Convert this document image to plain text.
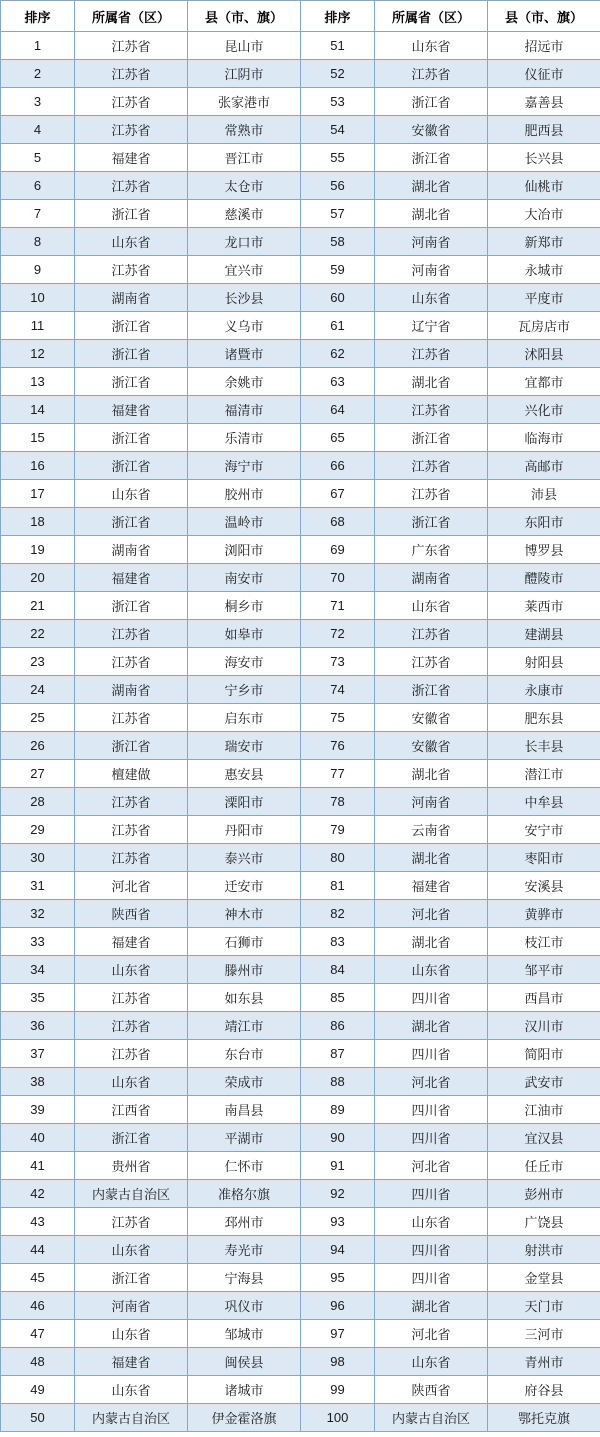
排序	所属省（区）	县（市、旗）	排序	所属省（区）	县（市、旗）
1	江苏省	昆山市	51	山东省	招远市
2	江苏省	江阴市	52	江苏省	仪征市
3	江苏省	张家港市	53	浙江省	嘉善县
4	江苏省	常熟市	54	安徽省	肥西县
5	福建省	晋江市	55	浙江省	长兴县
6	江苏省	太仓市	56	湖北省	仙桃市
7	浙江省	慈溪市	57	湖北省	大冶市
8	山东省	龙口市	58	河南省	新郑市
9	江苏省	宜兴市	59	河南省	永城市
10	湖南省	长沙县	60	山东省	平度市
11	浙江省	义乌市	61	辽宁省	瓦房店市
12	浙江省	诸暨市	62	江苏省	沭阳县
13	浙江省	余姚市	63	湖北省	宜都市
14	福建省	福清市	64	江苏省	兴化市
15	浙江省	乐清市	65	浙江省	临海市
16	浙江省	海宁市	66	江苏省	高邮市
17	山东省	胶州市	67	江苏省	沛县
18	浙江省	温岭市	68	浙江省	东阳市
19	湖南省	浏阳市	69	广东省	博罗县
20	福建省	南安市	70	湖南省	醴陵市
21	浙江省	桐乡市	71	山东省	莱西市
22	江苏省	如皋市	72	江苏省	建湖县
23	江苏省	海安市	73	江苏省	射阳县
24	湖南省	宁乡市	74	浙江省	永康市
25	江苏省	启东市	75	安徽省	肥东县
26	浙江省	瑞安市	76	安徽省	长丰县
27	檀建做	惠安县	77	湖北省	潜江市
28	江苏省	溧阳市	78	河南省	中牟县
29	江苏省	丹阳市	79	云南省	安宁市
30	江苏省	泰兴市	80	湖北省	枣阳市
31	河北省	迁安市	81	福建省	安溪县
32	陕西省	神木市	82	河北省	黄骅市
33	福建省	石狮市	83	湖北省	枝江市
34	山东省	滕州市	84	山东省	邹平市
35	江苏省	如东县	85	四川省	西昌市
36	江苏省	靖江市	86	湖北省	汉川市
37	江苏省	东台市	87	四川省	简阳市
38	山东省	荣成市	88	河北省	武安市
39	江西省	南昌县	89	四川省	江油市
40	浙江省	平湖市	90	四川省	宜汉县
41	贵州省	仁怀市	91	河北省	任丘市
42	内蒙古自治区	准格尔旗	92	四川省	彭州市
43	江苏省	邳州市	93	山东省	广饶县
44	山东省	寿光市	94	四川省	射洪市
45	浙江省	宁海县	95	四川省	金堂县
46	河南省	巩仪市	96	湖北省	天门市
47	山东省	邹城市	97	河北省	三河市
48	福建省	闽侯县	98	山东省	青州市
49	山东省	诸城市	99	陕西省	府谷县
50	内蒙古自治区	伊金霍洛旗	100	内蒙古自治区	鄂托克旗
